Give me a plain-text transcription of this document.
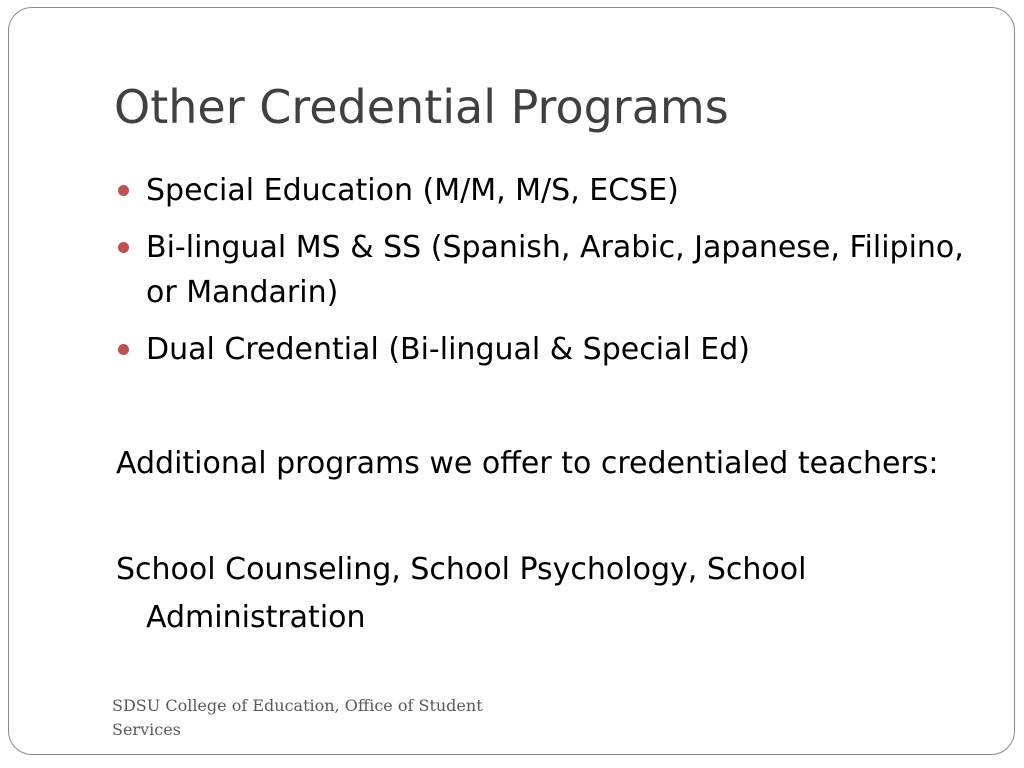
Other Credential Programs
Special Education (M/M, M/S, ECSE)
Bi-lingual MS & SS (Spanish, Arabic, Japanese, Filipino, or Mandarin)
Dual Credential (Bi-lingual & Special Ed)

Additional programs we offer to credentialed teachers:

School Counseling, School Psychology, School Administration

SDSU College of Education, Office of Student Services
